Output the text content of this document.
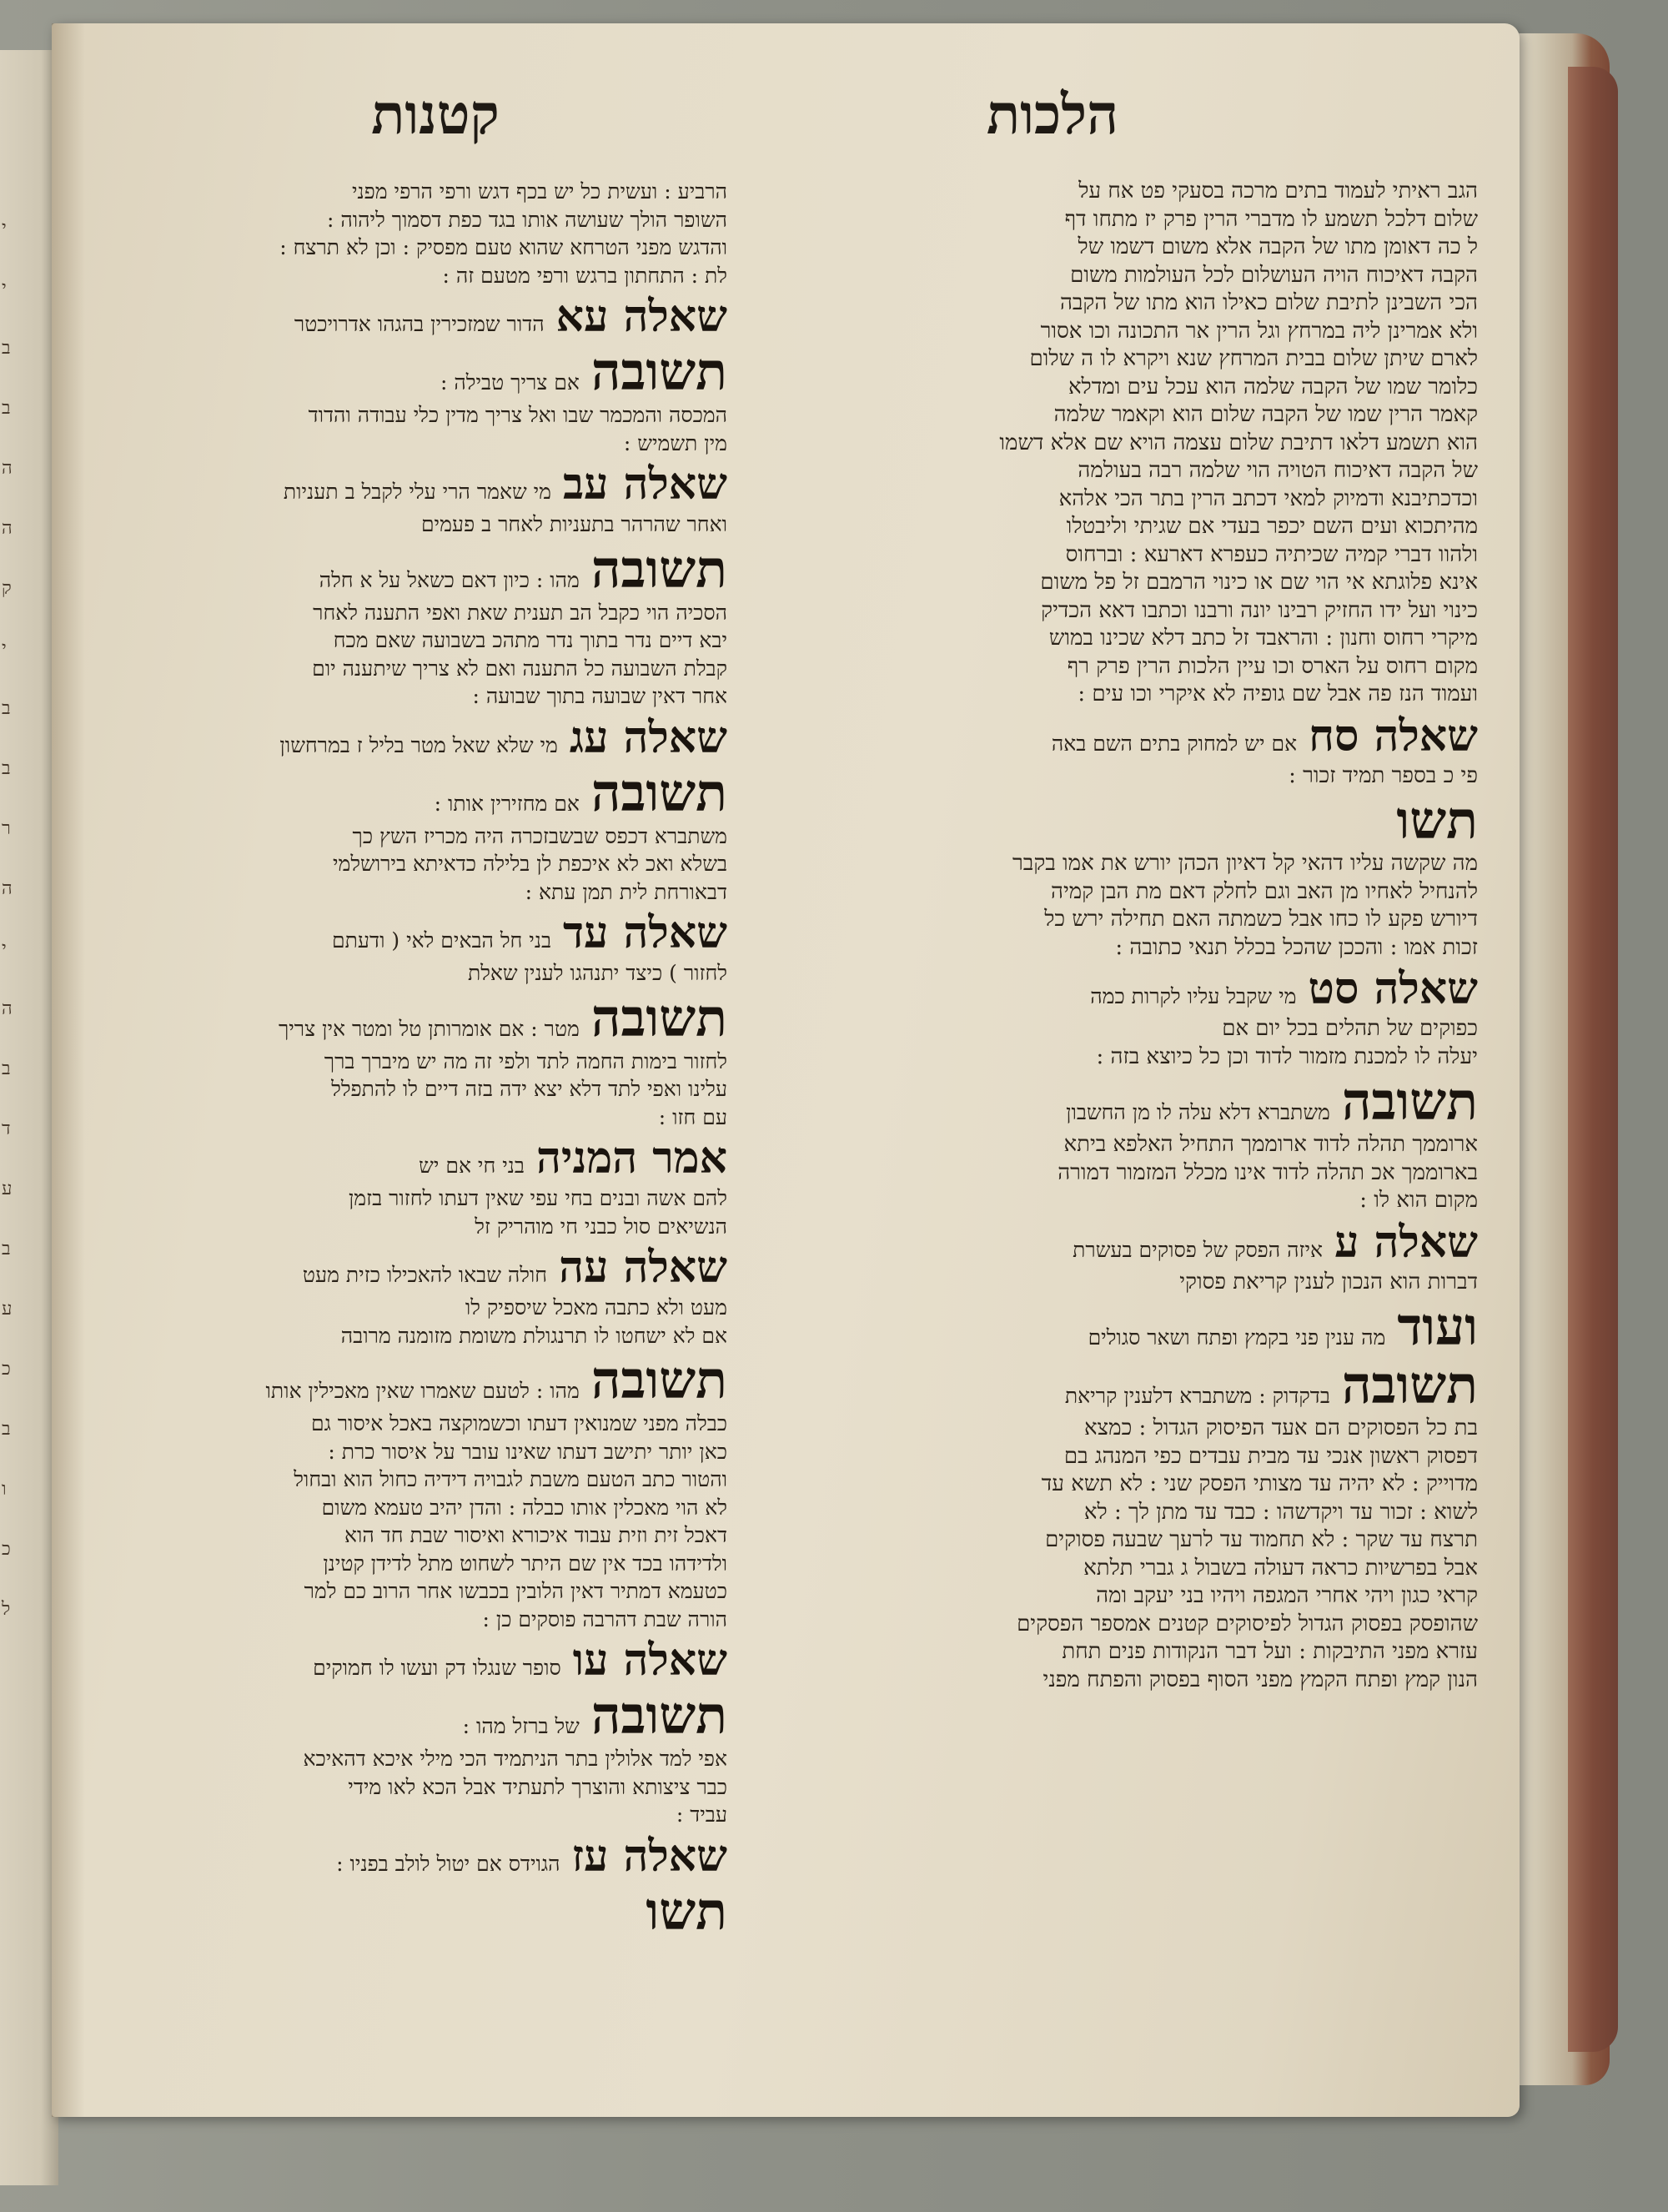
י
י
ב
ב
ה
ה
ק
י
ב
ב
ר
ה
י
ה
ב
ד
ע
ב
ע
כ
ב
ו
כ
ל
הלכות
קטנות
הגב ראיתי לעמוד בתים מרכה בסעקי פט אח על
שלום דלכל תשמע לו מדברי הרין פרק יז מתחו דף
ל כה דאומן מתו של הקבה אלא משום דשמו של
הקבה דאיכוח הויה העושלום לכל העולמות משום
הכי השבינן לתיבת שלום כאילו הוא מתו של הקבה
ולא אמרינן ליה במרחץ וגל הרין אר התכונה וכו אסור
לארם שיתן שלום בבית המרחץ שנא ויקרא לו ה שלום
כלומר שמו של הקבה שלמה הוא עכל עים ומדלא
קאמר הרין שמו של הקבה שלום הוא וקאמר שלמה
הוא תשמע דלאו דתיבת שלום עצמה הויא שם אלא דשמו
של הקבה דאיכוח הטויה הוי שלמה רבה בעולמה
וכדכתיבנא ודמיוק למאי דכתב הרין בתר הכי אלהא
מהיתכוא ועים השם יכפר בעדי אם שגיתי וליבטלו
ולהוו דברי קמיה שכיתיה כעפרא דארעא : וברחוס
אינא פלוגתא אי הוי שם או כינוי הרמבם זל פל משום
כינוי ועל ידו החזיק רבינו יונה ורבנו וכתבו דאא הכדיק
מיקרי רחוס וחנון : והראבד זל כתב דלא שכינו במוש
מקום רחוס על הארס וכו עיין הלכות הרין פרק רף
ועמוד הנז פה אבל שם גופיה לא איקרי וכו עים :
שאלה סח
אם יש למחוק בתים השם באה
פי כ בספר תמיד זכור :
תשו
מה שקשה עליו דהאי קל דאיון הכהן יורש את אמו בקבר
להנחיל לאחיו מן האב וגם לחלק דאם מת הבן קמיה
דיורש פקע לו כחו אבל כשמתה האם תחילה ירש כל
זכות אמו : והככן שהכל בכלל תנאי כתובה :
שאלה סט
מי שקבל עליו לקרות כמה
כפוקים של תהלים בכל יום אם
יעלה לו למכנת מזמור לדוד וכן כל כיוצא בזה :
תשובה
משתברא דלא עלה לו מן החשבון
ארוממך תהלה לדוד ארוממך התחיל האלפא ביתא
בארוממך אכ תהלה לדוד אינו מכלל המזמור דמורה
מקום הוא לו :
שאלה ע
איזה הפסק של פסוקים בעשרת
דברות הוא הנכון לענין קריאת פסוקי
ועוד
מה ענין פני בקמץ ופתח ושאר סגולים
תשובה
בדקדוק : משתברא דלענין קריאת
בת כל הפסוקים הם אעד הפיסוק הגדול : כמצא
דפסוק ראשון אנכי עד מבית עבדים כפי המנהג בם
מדוייק : לא יהיה עד מצותי הפסק שני : לא תשא עד
לשוא : זכור עד ויקדשהו : כבד עד מתן לך : לא
תרצח עד שקר : לא תחמוד עד לרעך שבעה פסוקים
אבל בפרשיות כראה דעולה בשבול ג גברי תלתא
קראי כגון ויהי אחרי המגפה ויהיו בני יעקב ומה
שהופסק בפסוק הגדול לפיסוקים קטנים אמספר הפסקים
עזרא מפני התיבקות : ועל דבר הנקודות פנים תחת
הנון קמץ ופתח הקמץ מפני הסוף בפסוק והפתח מפני
הרביע : ועשית כל יש בכף דגש ורפי הרפי מפני
השופר הולך שעושה אותו בגד כפת דסמוך ליהוה :
והדגש מפני הטרחא שהוא טעם מפסיק : וכן לא תרצח :
לת : התחתון ברגש ורפי מטעם זה :
שאלה עא
הדור שמזכירין בהגהו אדרויכטר
תשובה
אם צריך טבילה :
המכסה והמכמר שבו ואל צריך מדין כלי עבודה והדוד
מין תשמיש :
שאלה עב
מי שאמר הרי עלי לקבל ב תעניות
ואחר שהרהר בתעניות לאחר ב פעמים
תשובה
מהו : כיון דאם כשאל על א חלה
הסכיה הוי כקבל הב תענית שאת ואפי התענה לאחר
יבא דיים נדר בתוך נדר מתהכ בשבועה שאם מכח
קבלת השבועה כל התענה ואם לא צריך שיתענה יום
אחר דאין שבועה בתוך שבועה :
שאלה עג
מי שלא שאל מטר בליל ז במרחשון
תשובה
אם מחזירין אותו :
משתברא דכפס שבשבזכרה היה מכריז השץ כך
בשלא ואכ לא איכפת לן בלילה כדאיתא בירושלמי
דבאורחת לית תמן עתא :
שאלה עד
בני חל הבאים לאי ( ודעתם
לחזור ) כיצד יתנהגו לענין שאלת
תשובה
מטר : אם אומרותן טל ומטר אין צריך
לחזור בימות החמה לתד ולפי זה מה יש מיברך ברך
עלינו ואפי לתד דלא יצא ידה בזה דיים לו להתפלל
עם חזו :
אמר המניה
בני חי אם יש
להם אשה ובנים בחי עפי שאין דעתו לחזור בזמן
הנשיאים סול כבני חי מוהריק זל
שאלה עה
חולה שבאו להאכילו כזית מעט
מעט ולא כתבה מאכל שיספיק לו
אם לא ישחטו לו תרנגולת משומת מזומנה מרובה
תשובה
מהו : לטעם שאמרו שאין מאכילין אותו
כבלה מפני שמנואין דעתו וכשמוקצה באכל איסור גם
כאן יותר יתישב דעתו שאינו עובר על איסור כרת :
והטור כתב הטעם משבת לגבויה דידיה כחול הוא ובחול
לא הוי מאכלין אותו כבלה : והדן יהיב טעמא משום
דאכל זית וזית עבוד איכורא ואיסור שבת חד הוא
ולדידהו בכד אין שם היתר לשחוט מתל לדידן קטינן
כטעמא דמתיר דאין הלובין בכבשו אחר הרוב כם למר
הורה שבת דהרבה פוסקים כן :
שאלה עו
סופר שנגלו דק ועשו לו חמוקים
תשובה
של ברזל מהו :
אפי למד אלולין בתר הניתמיד הכי מילי איכא דהאיכא
כבר ציצותא והוצרך לתעתיד אבל הכא לאו מידי
עביד :
שאלה עז
הגוידס אם יטול לולב בפניו :
תשו
